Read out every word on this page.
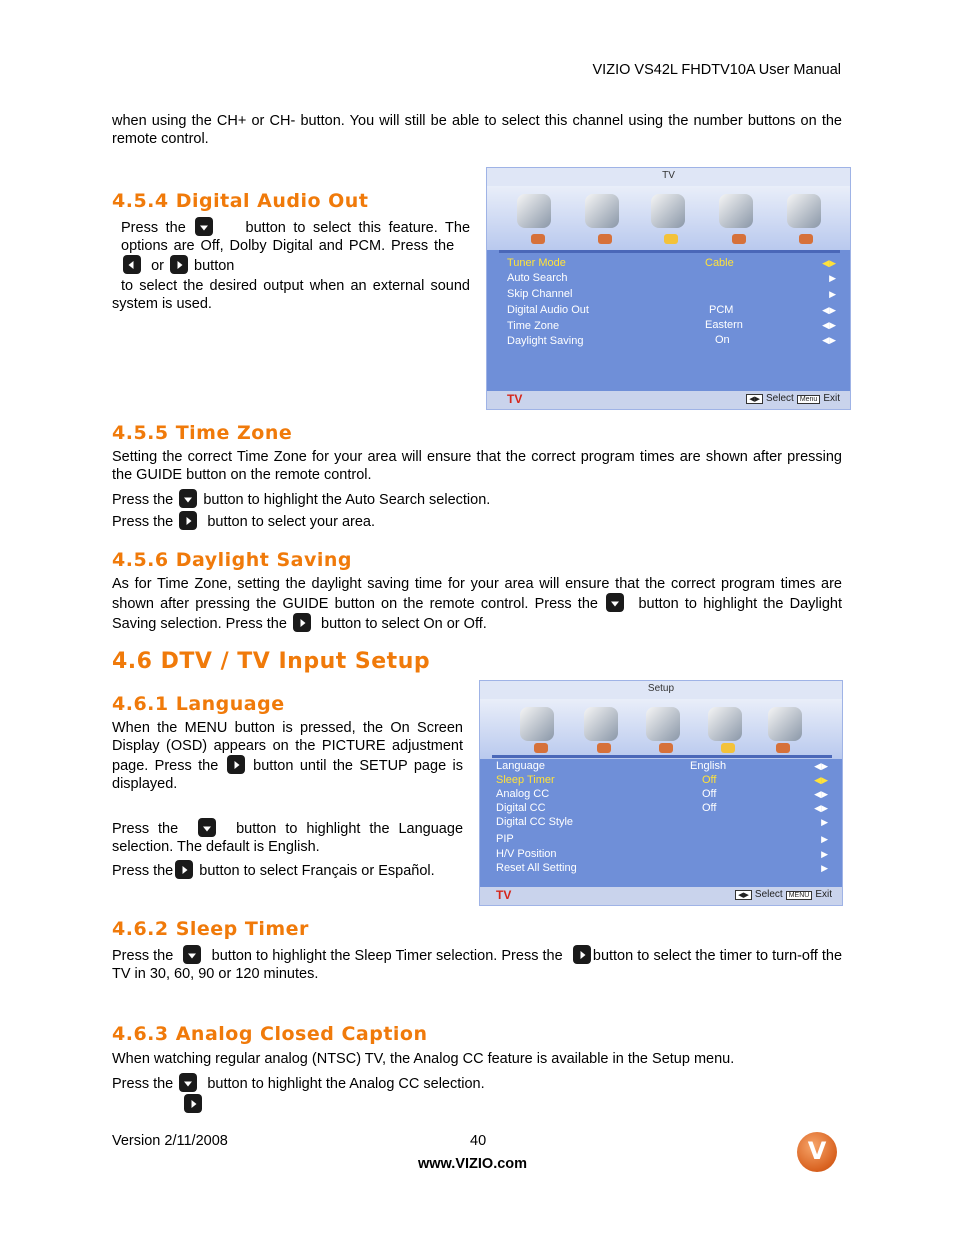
VIZIO VS42L FHDTV10A User Manual
when using the CH+ or CH- button. You will still be able to select this channel using the number buttons on the remote control.
4.5.4 Digital Audio Out

Press the	button to select this feature. The options are Off, Dolby Digital and PCM. Press the     or button

to select the desired output when an external sound system is used.

TV
Tuner Mode	Cable	◀▶
Auto Search	▶
Skip Channel	▶
Digital Audio Out	PCM	◀▶
Time Zone	Eastern	◀▶
Daylight Saving	On	◀▶
TV	◀▶ Select Menu Exit
4.5.5 Time Zone
Setting the correct Time Zone for your area will ensure that the correct program times are shown after pressing the GUIDE button on the remote control.
Press the button to highlight the Auto Search selection.
Press the button to select your area.
4.5.6 Daylight Saving

As for Time Zone, setting the daylight saving time for your area will ensure that the correct program times are shown after pressing the GUIDE button on the remote control. Press the	button to highlight the Daylight Saving selection. Press the button to select On or Off.

4.6 DTV / TV Input Setup
4.6.1 Language

When the MENU button is pressed, the On Screen Display (OSD) appears on the PICTURE adjustment page. Press the button until the SETUP page is displayed.

Press the	button to highlight the Language selection. The default is English.

Press the button to select Français or Español.
Setup
Language	English	◀▶
Sleep Timer	Off	◀▶
Analog CC	Off	◀▶
Digital CC	Off	◀▶
Digital CC Style	▶
PIP	▶
H/V Position	▶
Reset All Setting	▶
TV	◀▶ Select MENU Exit
4.6.2 Sleep Timer

Press the	button to highlight the Sleep Timer selection. Press the button to select the timer to turn-off the TV in 30, 60, 90 or 120 minutes.

4.6.3 Analog Closed Caption
When watching regular analog (NTSC) TV, the Analog CC feature is available in the Setup menu.
Press the button to highlight the Analog CC selection.
Version 2/11/2008	40
www.VIZIO.com	V
